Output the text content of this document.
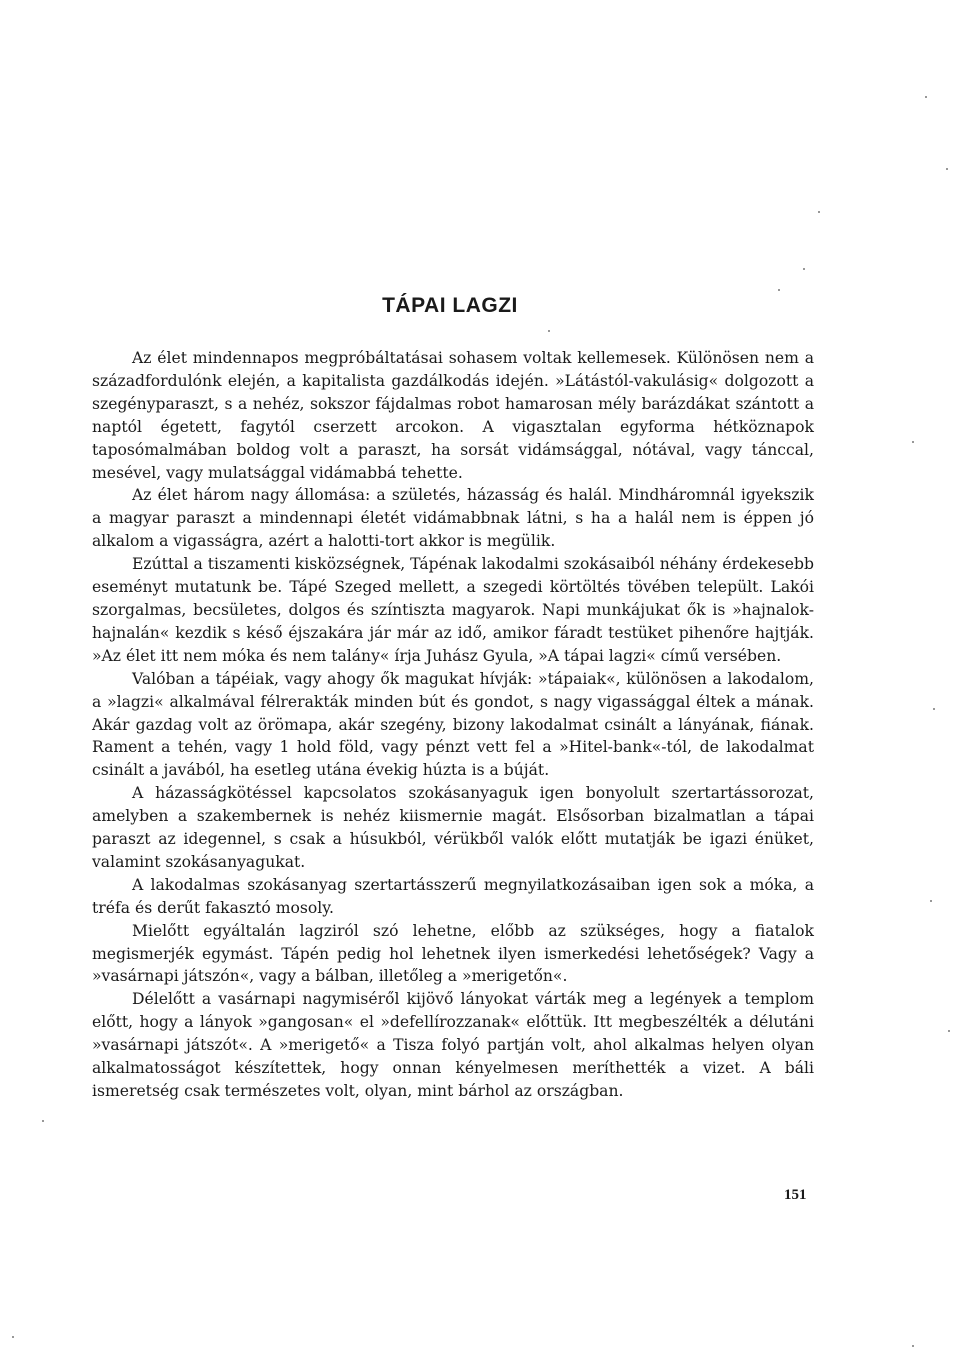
TÁPAI LAGZI

Az élet mindennapos megpróbáltatásai sohasem voltak kellemesek. Különösen nem a századfordulónk elején, a kapitalista gazdálkodás idején. »Látástól-vakulásig« dolgozott a szegényparaszt, s a nehéz, sokszor fájdalmas robot hamarosan mély barázdákat szántott a naptól égetett, fagytól cserzett arcokon. A vigasztalan egyforma hétköznapok taposómalmában boldog volt a paraszt, ha sorsát vidámsággal, nótával, vagy tánccal, mesével, vagy mulatsággal vidámabbá tehette.

Az élet három nagy állomása: a születés, házasság és halál. Mindháromnál igyekszik a magyar paraszt a mindennapi életét vidámabbnak látni, s ha a halál nem is éppen jó alkalom a vigasságra, azért a halotti-tort akkor is megülik.

Ezúttal a tiszamenti kisközségnek, Tápénak lakodalmi szokásaiból néhány érdekesebb eseményt mutatunk be. Tápé Szeged mellett, a szegedi körtöltés tövében települt. Lakói szorgalmas, becsületes, dolgos és színtiszta magyarok. Napi munkájukat ők is »hajnalok-hajnalán« kezdik s késő éjszakára jár már az idő, amikor fáradt testüket pihenőre hajtják. »Az élet itt nem móka és nem talány« írja Juhász Gyula, »A tápai lagzi« című versében.

Valóban a tápéiak, vagy ahogy ők magukat hívják: »tápaiak«, különösen a lakodalom, a »lagzi« alkalmával félrerakták minden bút és gondot, s nagy vigassággal éltek a mának. Akár gazdag volt az örömapa, akár szegény, bizony lakodalmat csinált a lányának, fiának. Rament a tehén, vagy 1 hold föld, vagy pénzt vett fel a »Hitel-bank«-tól, de lakodalmat csinált a javából, ha esetleg utána évekig húzta is a búját.

A házasságkötéssel kapcsolatos szokásanyaguk igen bonyolult szertartássorozat, amelyben a szakembernek is nehéz kiismernie magát. Elsősorban bizalmatlan a tápai paraszt az idegennel, s csak a húsukból, vérükből valók előtt mutatják be igazi énüket, valamint szokásanyagukat.

A lakodalmas szokásanyag szertartásszerű megnyilatkozásaiban igen sok a móka, a tréfa és derűt fakasztó mosoly.

Mielőtt egyáltalán lagziról szó lehetne, előbb az szükséges, hogy a fiatalok megismerjék egymást. Tápén pedig hol lehetnek ilyen ismerkedési lehetőségek? Vagy a »vasárnapi játszón«, vagy a bálban, illetőleg a »merigetőn«.

Délelőtt a vasárnapi nagymiséről kijövő lányokat várták meg a legények a templom előtt, hogy a lányok »gangosan« el »defellírozzanak« előttük. Itt megbeszélték a délutáni »vasárnapi játszót«. A »merigető« a Tisza folyó partján volt, ahol alkalmas helyen olyan alkalmatosságot készítettek, hogy onnan kényelmesen meríthették a vizet. A báli ismeretség csak természetes volt, olyan, mint bárhol az országban.

151
